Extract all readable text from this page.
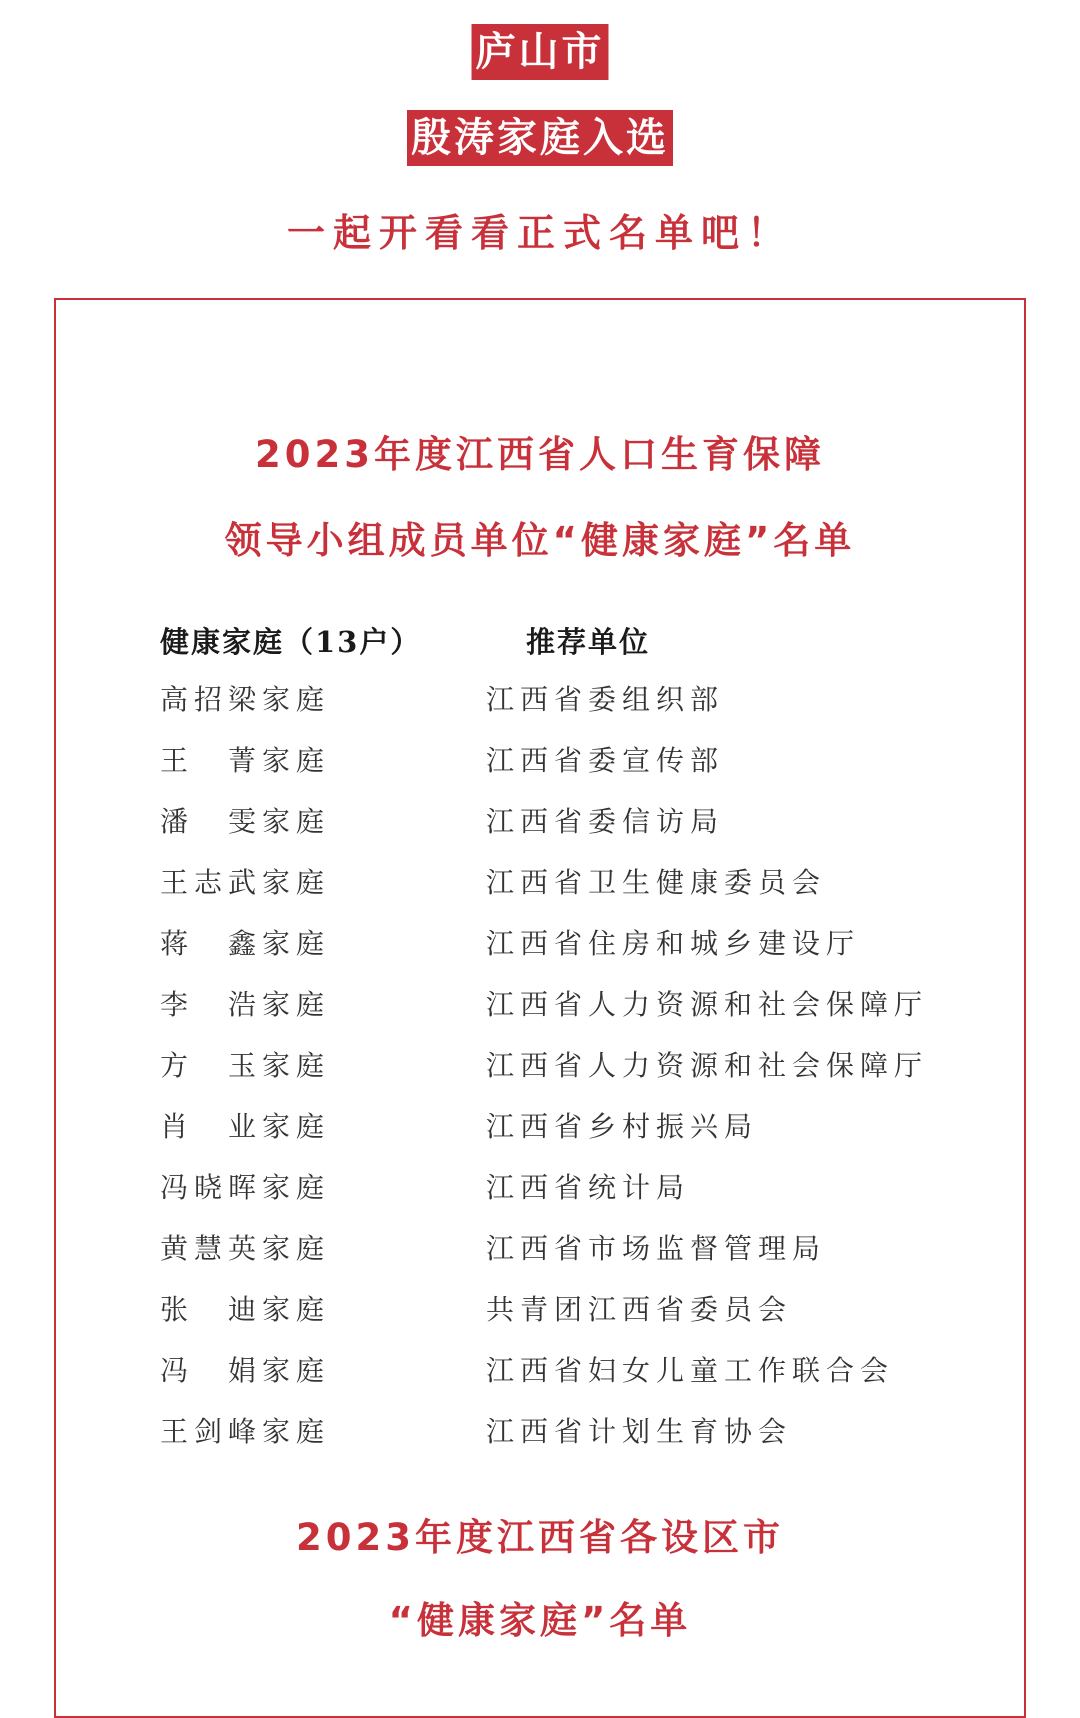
庐山市
殷涛家庭入选
一起开看看正式名单吧！
2023年度江西省人口生育保障
领导小组成员单位“健康家庭”名单
健康家庭（13户）	推荐单位
高招梁家庭	江西省委组织部
王　菁家庭	江西省委宣传部
潘　雯家庭	江西省委信访局
王志武家庭	江西省卫生健康委员会
蒋　鑫家庭	江西省住房和城乡建设厅
李　浩家庭	江西省人力资源和社会保障厅
方　玉家庭	江西省人力资源和社会保障厅
肖　业家庭	江西省乡村振兴局
冯晓晖家庭	江西省统计局
黄慧英家庭	江西省市场监督管理局
张　迪家庭	共青团江西省委员会
冯　娟家庭	江西省妇女儿童工作联合会
王剑峰家庭	江西省计划生育协会
2023年度江西省各设区市
“健康家庭”名单
